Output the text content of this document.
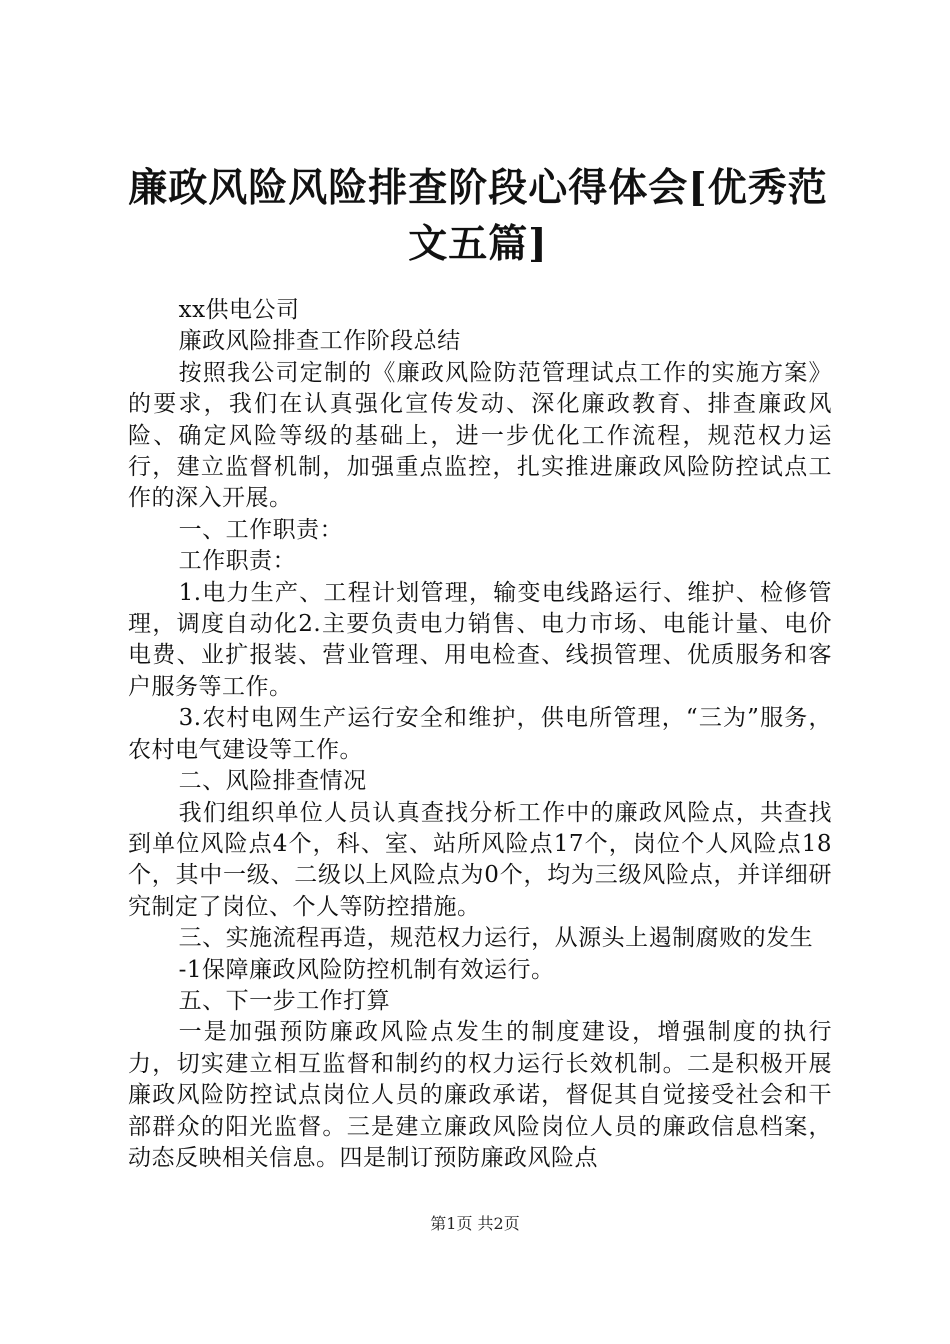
廉政风险风险排查阶段心得体会[优秀范文五篇]

xx供电公司

廉政风险排查工作阶段总结

按照我公司定制的《廉政风险防范管理试点工作的实施方案》的要求，我们在认真强化宣传发动、深化廉政教育、排查廉政风险、确定风险等级的基础上，进一步优化工作流程，规范权力运行，建立监督机制，加强重点监控，扎实推进廉政风险防控试点工作的深入开展。

一、工作职责：

工作职责：

1.电力生产、工程计划管理，输变电线路运行、维护、检修管理，调度自动化2.主要负责电力销售、电力市场、电能计量、电价电费、业扩报装、营业管理、用电检查、线损管理、优质服务和客户服务等工作。

3.农村电网生产运行安全和维护，供电所管理，“三为”服务，农村电气建设等工作。

二、风险排查情况

我们组织单位人员认真查找分析工作中的廉政风险点，共查找到单位风险点4个，科、室、站所风险点17个，岗位个人风险点18个，其中一级、二级以上风险点为0个，均为三级风险点，并详细研究制定了岗位、个人等防控措施。

三、实施流程再造，规范权力运行，从源头上遏制腐败的发生

-1保障廉政风险防控机制有效运行。

五、下一步工作打算

一是加强预防廉政风险点发生的制度建设，增强制度的执行力，切实建立相互监督和制约的权力运行长效机制。二是积极开展廉政风险防控试点岗位人员的廉政承诺，督促其自觉接受社会和干部群众的阳光监督。三是建立廉政风险岗位人员的廉政信息档案，动态反映相关信息。四是制订预防廉政风险点

第1页 共2页
